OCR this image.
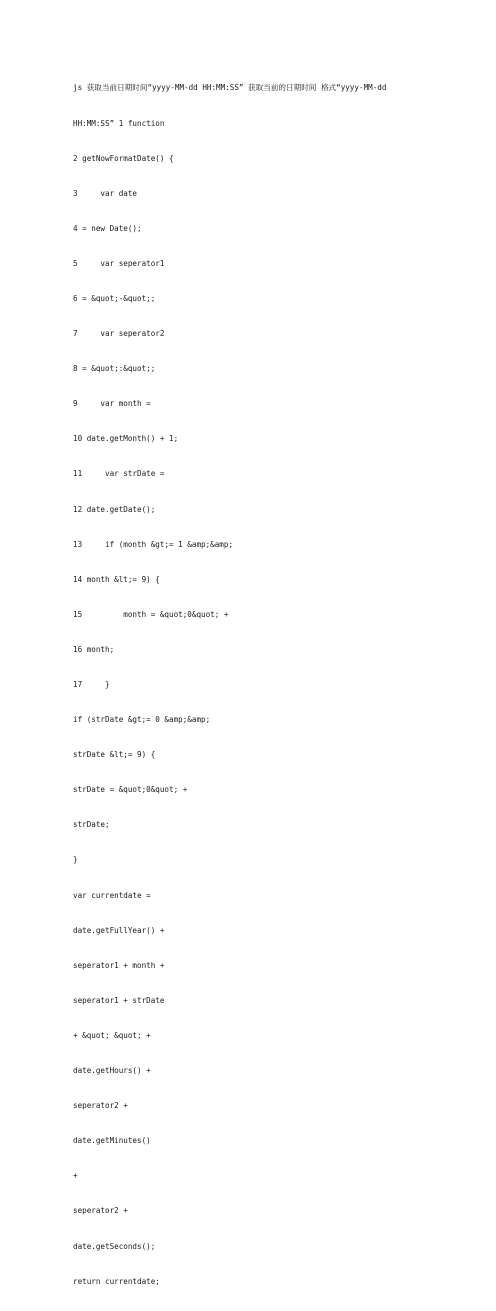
js 获取当前日期时间“yyyy-MM-dd HH:MM:SS” 获取当前的日期时间 格式“yyyy-MM-dd

HH:MM:SS” 1 function

2 getNowFormatDate() {

3     var date

4 = new Date();

5     var seperator1

6 = &quot;-&quot;;

7     var seperator2

8 = &quot;:&quot;;

9     var month =

10 date.getMonth() + 1;

11     var strDate =

12 date.getDate();

13     if (month &gt;= 1 &amp;&amp;

14 month &lt;= 9) {

15         month = &quot;0&quot; +

16 month;

17     }

if (strDate &gt;= 0 &amp;&amp;

strDate &lt;= 9) {

strDate = &quot;0&quot; +

strDate;

}

var currentdate =

date.getFullYear() +

seperator1 + month +

seperator1 + strDate

+ &quot; &quot; +

date.getHours() +

seperator2 +

date.getMinutes()

+

seperator2 +

date.getSeconds();

return currentdate;
